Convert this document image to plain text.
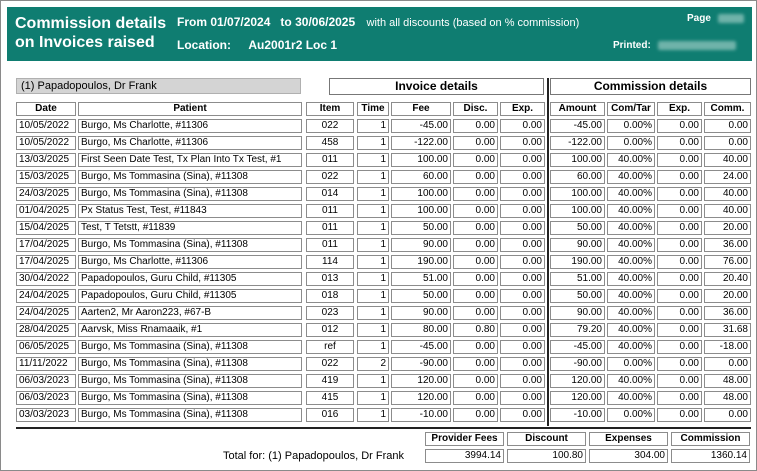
Commission details on Invoices raised
From 01/07/2024 to 30/06/2025 with all discounts (based on % commission)
Location: Au2001r2 Loc 1
Page
Printed:
(1) Papadopoulos, Dr Frank	Invoice details	Commission details
Date	Patient	Item	Time	Fee	Disc.	Exp.	Amount	Com/Tar	Exp.	Comm.
10/05/2022	Burgo, Ms Charlotte, #11306	022	1	-45.00	0.00	0.00	-45.00	0.00%	0.00	0.00
10/05/2022	Burgo, Ms Charlotte, #11306	458	1	-122.00	0.00	0.00	-122.00	0.00%	0.00	0.00
13/03/2025	First Seen Date Test, Tx Plan Into Tx Test, #1	011	1	100.00	0.00	0.00	100.00	40.00%	0.00	40.00
15/03/2025	Burgo, Ms Tommasina (Sina), #11308	022	1	60.00	0.00	0.00	60.00	40.00%	0.00	24.00
24/03/2025	Burgo, Ms Tommasina (Sina), #11308	014	1	100.00	0.00	0.00	100.00	40.00%	0.00	40.00
01/04/2025	Px Status Test, Test, #11843	011	1	100.00	0.00	0.00	100.00	40.00%	0.00	40.00
15/04/2025	Test, T Tetstt, #11839	011	1	50.00	0.00	0.00	50.00	40.00%	0.00	20.00
17/04/2025	Burgo, Ms Tommasina (Sina), #11308	011	1	90.00	0.00	0.00	90.00	40.00%	0.00	36.00
17/04/2025	Burgo, Ms Charlotte, #11306	114	1	190.00	0.00	0.00	190.00	40.00%	0.00	76.00
30/04/2022	Papadopoulos, Guru Child, #11305	013	1	51.00	0.00	0.00	51.00	40.00%	0.00	20.40
24/04/2025	Papadopoulos, Guru Child, #11305	018	1	50.00	0.00	0.00	50.00	40.00%	0.00	20.00
24/04/2025	Aarten2, Mr Aaron223, #67-B	023	1	90.00	0.00	0.00	90.00	40.00%	0.00	36.00
28/04/2025	Aarvsk, Miss Rnamaaik, #1	012	1	80.00	0.80	0.00	79.20	40.00%	0.00	31.68
06/05/2025	Burgo, Ms Tommasina (Sina), #11308	ref	1	-45.00	0.00	0.00	-45.00	40.00%	0.00	-18.00
11/11/2022	Burgo, Ms Tommasina (Sina), #11308	022	2	-90.00	0.00	0.00	-90.00	0.00%	0.00	0.00
06/03/2023	Burgo, Ms Tommasina (Sina), #11308	419	1	120.00	0.00	0.00	120.00	40.00%	0.00	48.00
06/03/2023	Burgo, Ms Tommasina (Sina), #11308	415	1	120.00	0.00	0.00	120.00	40.00%	0.00	48.00
03/03/2023	Burgo, Ms Tommasina (Sina), #11308	016	1	-10.00	0.00	0.00	-10.00	0.00%	0.00	0.00
Provider Fees	Discount	Expenses	Commission
Total for: (1) Papadopoulos, Dr Frank	3994.14	100.80	304.00	1360.14
